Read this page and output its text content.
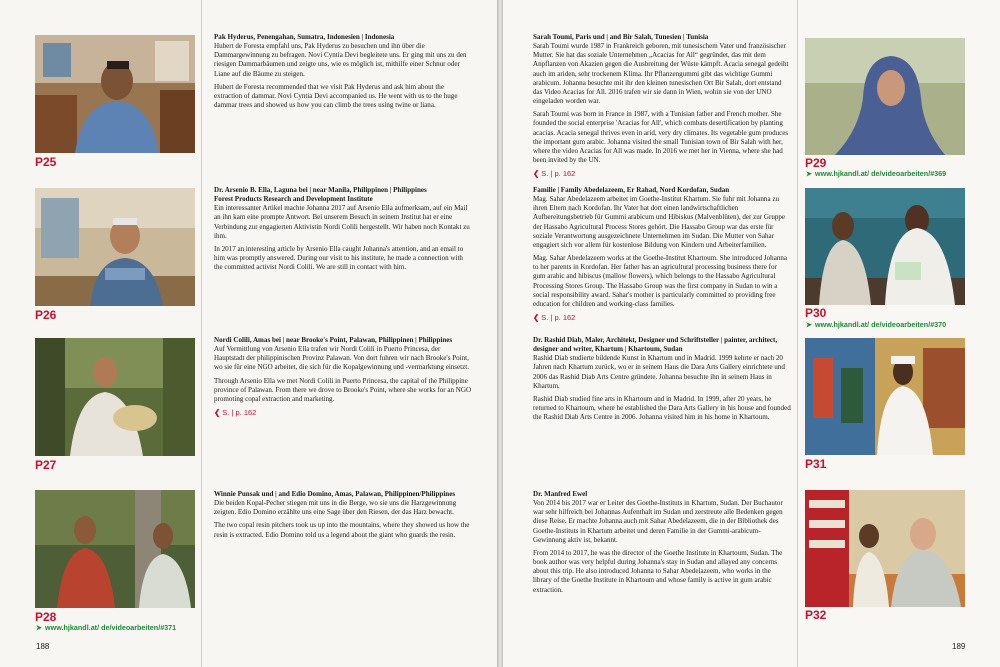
P25
Pak Hyderus, Penengahan, Sumatra, Indonesien | Indonesia

Hubert de Foresta empfahl uns, Pak Hyderus zu besuchen und ihn über die Dammargewinnung zu befragen. Novi Cyntia Devi begleitete uns. Er ging mit uns zu den riesigen Dammarbäumen und zeigte uns, wie es möglich ist, mithilfe einer Schnur oder Liane auf die Bäume zu steigen.

Hubert de Foresta recommended that we visit Pak Hyderus and ask him about the extraction of dammar. Novi Cyntia Devi accompanied us. He went with us to the huge dammar trees and showed us how you can climb the trees using twine or liana.

P26
Dr. Arsenio B. Ella, Laguna bei | near Manila, Philippinen | Philippines
Forest Products Research and Development Institute

Ein interessanter Artikel machte Johanna 2017 auf Arsenio Ella aufmerksam, auf ein Mail an ihn kam eine prompte Antwort. Bei unserem Besuch in seinem Institut hat er eine Verbindung zur engagierten Aktivistin Nordi Colili hergestellt. Wir haben noch Kontakt zu ihm.

In 2017 an interesting article by Arsenio Ella caught Johanna's attention, and an email to him was promptly answered. During our visit to his institute, he made a connection with the committed activist Nordi Colili. We are still in contact with him.

P27
Nordi Colili, Amas bei | near Brooke's Point, Palawan, Philippinen | Philippines

Auf Vermittlung von Arsenio Ella trafen wir Nordi Colili in Puerto Princesa, der Hauptstadt der philippinischen Provinz Palawan. Von dort fuhren wir nach Brooke's Point, wo sie für eine NGO arbeitet, die sich für die Kopalgewinnung und -vermarktung einsetzt.

Through Arsenio Ella we met Nordi Colili in Puerto Princesa, the capital of the Philippine province of Palawan. From there we drove to Brooke's Point, where she works for an NGO promoting copal extraction and marketing.

❮ S. | p. 162
P28
➤ www.hjkandl.at/ de/videoarbeiten/#371
Winnie Punsak und | and Edio Domino, Amas, Palawan, Philippinen/Philippines

Die beiden Kopal-Pecher stiegen mit uns in die Berge, wo sie uns die Harzgewinnung zeigten. Edio Domino erzählte uns eine Sage über den Riesen, der das Harz bewacht.

The two copal resin pitchers took us up into the mountains, where they showed us how the resin is extracted. Edio Domino told us a legend about the giant who guards the resin.

188
Sarah Toumi, Paris und | and Bir Salah, Tunesien | Tunisia

Sarah Toumi wurde 1987 in Frankreich geboren, mit tunesischem Vater und französischer Mutter. Sie hat das soziale Unternehmen „Acacias for All“ gegründet, das mit dem Anpflanzen von Akazien gegen die Ausbreitung der Wüste kämpft. Acacia senegal gedeiht auch im ariden, sehr trockenem Klima. Ihr Pflanzengummi gibt das wichtige Gummi arabicum. Johanna besuchte mit ihr den kleinen tunesischen Ort Bir Salah, dort entstand das Video Acacias for All. 2016 trafen wir sie dann in Wien, wohin sie von der UNO eingeladen worden war.

Sarah Toumi was born in France in 1987, with a Tunisian father and French mother. She founded the social enterprise 'Acacias for All', which combats desertification by planting acacias. Acacia senegal thrives even in arid, very dry climates. Its vegetable gum produces the important gum arabic. Johanna visited the small Tunisian town of Bir Salah with her, where the video Acacias for All was made. In 2016 we met her in Vienna, where she had been invited by the UN.

❮ S. | p. 162
P29
➤ www.hjkandl.at/ de/videoarbeiten/#369
Familie | Family Abedelazeem, Er Rahad, Nord Kordofan, Sudan

Mag. Sahar Abedelazeem arbeitet im Goethe-Institut Khartum. Sie fuhr mit Johanna zu ihren Eltern nach Kordofan. Ihr Vater hat dort einen landwirtschaftlichen Aufbereitungsbetrieb für Gummi arabicum und Hibiskus (Malvenblüten), der zur Gruppe der Hassabo Agricultural Process Stores gehört. Die Hassabo Group war das erste für soziale Verantwortung ausgezeichnete Unternehmen im Sudan. Die Mutter von Sahar engagiert sich vor allem für kostenlose Bildung von Kindern und Arbeiterfamilien.

Mag. Sahar Abedelazeem works at the Goethe-Institut Khartoum. She introduced Johanna to her parents in Kordofan. Her father has an agricultural processing business there for gum arabic and hibiscus (mallow flowers), which belongs to the Hassabo Agricultural Processing Stores Group. The Hassabo Group was the first company in Sudan to win a social responsibility award. Sahar's mother is particularly committed to providing free education for children and working-class families.

❮ S. | p. 162	P30
➤ www.hjkandl.at/ de/videoarbeiten/#370
Dr. Rashid Diab, Maler, Architekt, Designer und Schriftsteller | painter, architect, designer and writer, Khartum | Khartoum, Sudan

Rashid Diab studierte bildende Kunst in Khartum und in Madrid. 1999 kehrte er nach 20 Jahren nach Khartum zurück, wo er in seinem Haus die Dara Arts Gallery einrichtete und 2006 das Rashid Diab Arts Centre gründete. Johanna besuchte ihn in seinem Haus in Khartum.

Rashid Diab studied fine arts in Khartoum and in Madrid. In 1999, after 20 years, he returned to Khartoum, where he established the Dara Arts Gallery in his house and founded the Rashid Diab Arts Centre in 2006. Johanna visited him in his home in Khartoum.

P31
Dr. Manfred Ewel

Von 2014 bis 2017 war er Leiter des Goethe-Instituts in Khartum, Sudan. Der Buchautor war sehr hilfreich bei Johannas Aufenthalt im Sudan und zerstreute alle Bedenken gegen diese Reise. Er machte Johanna auch mit Sahar Abedelazeem, die in der Bibliothek des Goethe-Instituts in Khartum arbeitet und deren Familie in der Gummi-arabicum-Gewinnung aktiv ist, bekannt.

From 2014 to 2017, he was the director of the Goethe Institute in Khartoum, Sudan. The book author was very helpful during Johanna's stay in Sudan and allayed any concerns about this trip. He also introduced Johanna to Sahar Abedelazeem, who works in the library of the Goethe Institute in Khartoum and whose family is active in gum arabic extraction.

P32
189
